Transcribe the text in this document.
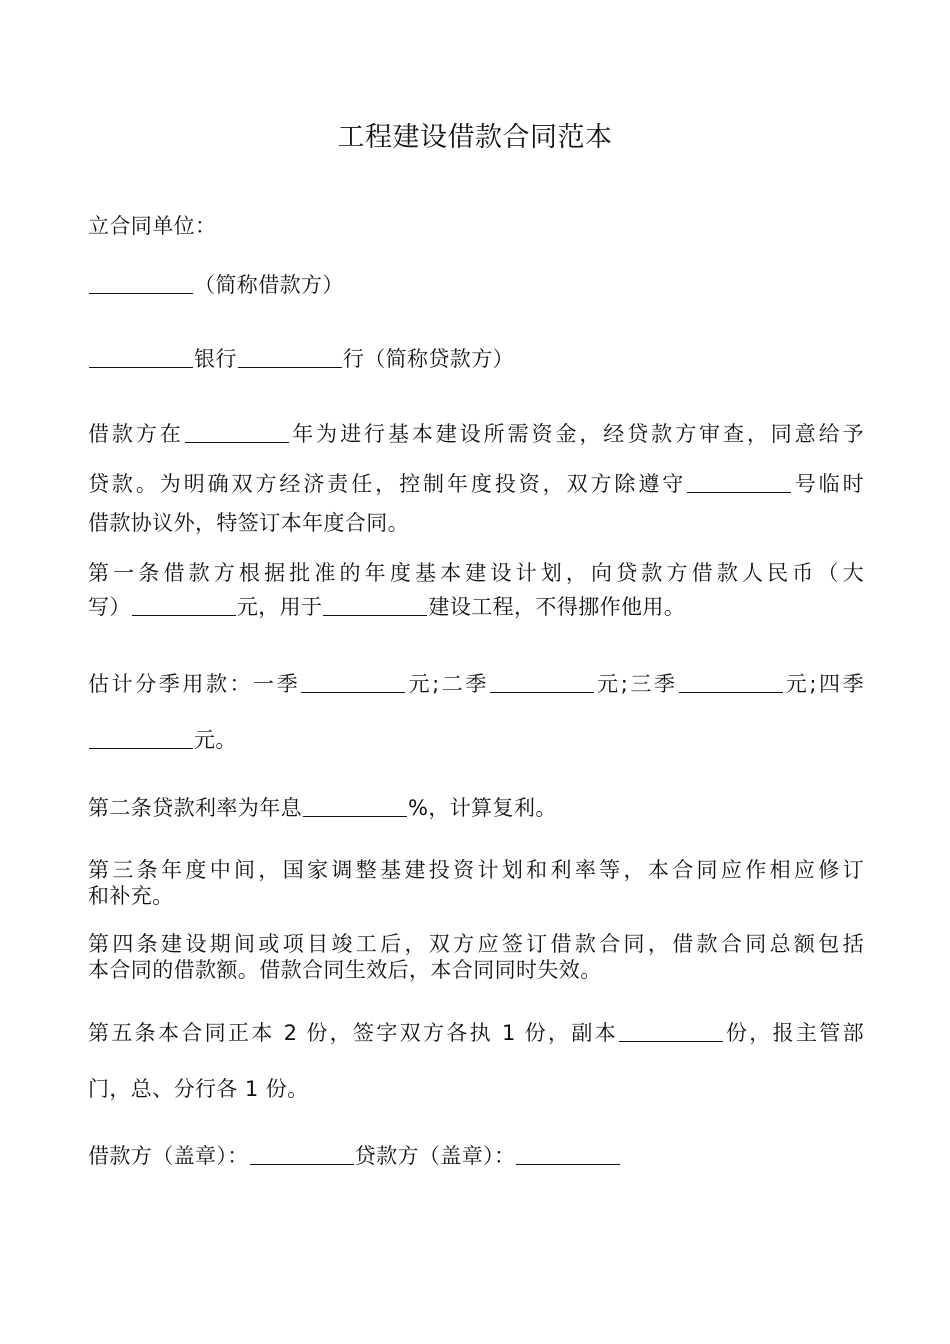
工程建设借款合同范本

立合同单位：

（简称借款方）

银行	行（简称贷款方）

借款方在	年为进行基本建设所需资金，经贷款方审查，同意给予

贷款。为明确双方经济责任，控制年度投资，双方除遵守	号临时

借款协议外，特签订本年度合同。

第一条借款方根据批准的年度基本建设计划，向贷款方借款人民币（大

写）	元，用于	建设工程，不得挪作他用。

估计分季用款：一季	元;二季	元;三季	元;四季

元。

第二条贷款利率为年息	%，计算复利。

第三条年度中间，国家调整基建投资计划和利率等，本合同应作相应修订

和补充。

第四条建设期间或项目竣工后，双方应签订借款合同，借款合同总额包括

本合同的借款额。借款合同生效后，本合同同时失效。

第五条本合同正本 2 份，签字双方各执 1 份，副本	份，报主管部

门，总、分行各 1 份。

借款方（盖章）：	贷款方（盖章）：
